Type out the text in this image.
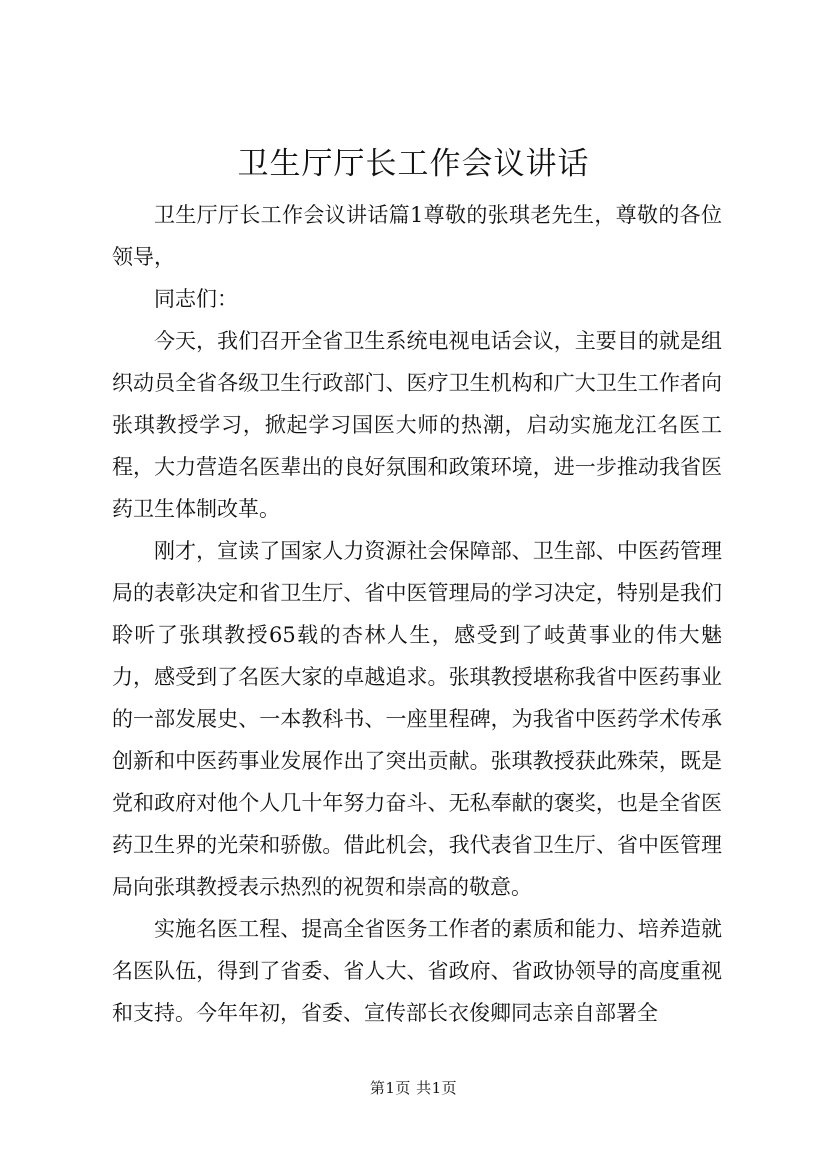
卫生厅厅长工作会议讲话

卫生厅厅长工作会议讲话篇1尊敬的张琪老先生，尊敬的各位领导，

同志们：

今天，我们召开全省卫生系统电视电话会议，主要目的就是组织动员全省各级卫生行政部门、医疗卫生机构和广大卫生工作者向张琪教授学习，掀起学习国医大师的热潮，启动实施龙江名医工程，大力营造名医辈出的良好氛围和政策环境，进一步推动我省医药卫生体制改革。

刚才，宣读了国家人力资源社会保障部、卫生部、中医药管理局的表彰决定和省卫生厅、省中医管理局的学习决定，特别是我们聆听了张琪教授65载的杏林人生，感受到了岐黄事业的伟大魅力，感受到了名医大家的卓越追求。张琪教授堪称我省中医药事业的一部发展史、一本教科书、一座里程碑，为我省中医药学术传承创新和中医药事业发展作出了突出贡献。张琪教授获此殊荣，既是党和政府对他个人几十年努力奋斗、无私奉献的褒奖，也是全省医药卫生界的光荣和骄傲。借此机会，我代表省卫生厅、省中医管理局向张琪教授表示热烈的祝贺和崇高的敬意。

实施名医工程、提高全省医务工作者的素质和能力、培养造就名医队伍，得到了省委、省人大、省政府、省政协领导的高度重视和支持。今年年初，省委、宣传部长衣俊卿同志亲自部署全

第1页 共1页
